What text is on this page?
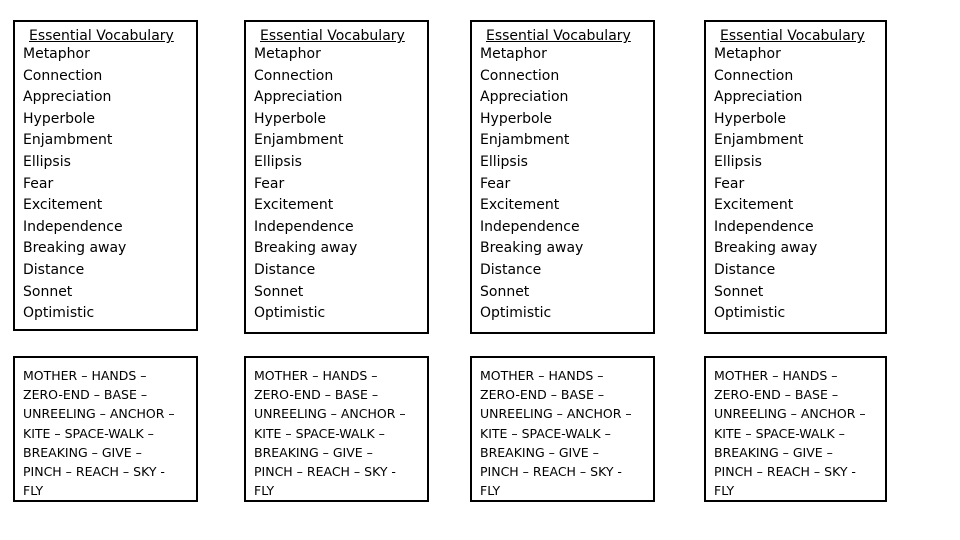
Essential Vocabulary
Metaphor
Connection
Appreciation
Hyperbole
Enjambment
Ellipsis
Fear
Excitement
Independence
Breaking away
Distance
Sonnet
Optimistic
Essential Vocabulary
Metaphor
Connection
Appreciation
Hyperbole
Enjambment
Ellipsis
Fear
Excitement
Independence
Breaking away
Distance
Sonnet
Optimistic
Essential Vocabulary
Metaphor
Connection
Appreciation
Hyperbole
Enjambment
Ellipsis
Fear
Excitement
Independence
Breaking away
Distance
Sonnet
Optimistic
Essential Vocabulary
Metaphor
Connection
Appreciation
Hyperbole
Enjambment
Ellipsis
Fear
Excitement
Independence
Breaking away
Distance
Sonnet
Optimistic
MOTHER – HANDS –
ZERO-END – BASE –
UNREELING – ANCHOR –
KITE – SPACE-WALK –
BREAKING – GIVE –
PINCH – REACH – SKY -
FLY
MOTHER – HANDS –
ZERO-END – BASE –
UNREELING – ANCHOR –
KITE – SPACE-WALK –
BREAKING – GIVE –
PINCH – REACH – SKY -
FLY
MOTHER – HANDS –
ZERO-END – BASE –
UNREELING – ANCHOR –
KITE – SPACE-WALK –
BREAKING – GIVE –
PINCH – REACH – SKY -
FLY
MOTHER – HANDS –
ZERO-END – BASE –
UNREELING – ANCHOR –
KITE – SPACE-WALK –
BREAKING – GIVE –
PINCH – REACH – SKY -
FLY
